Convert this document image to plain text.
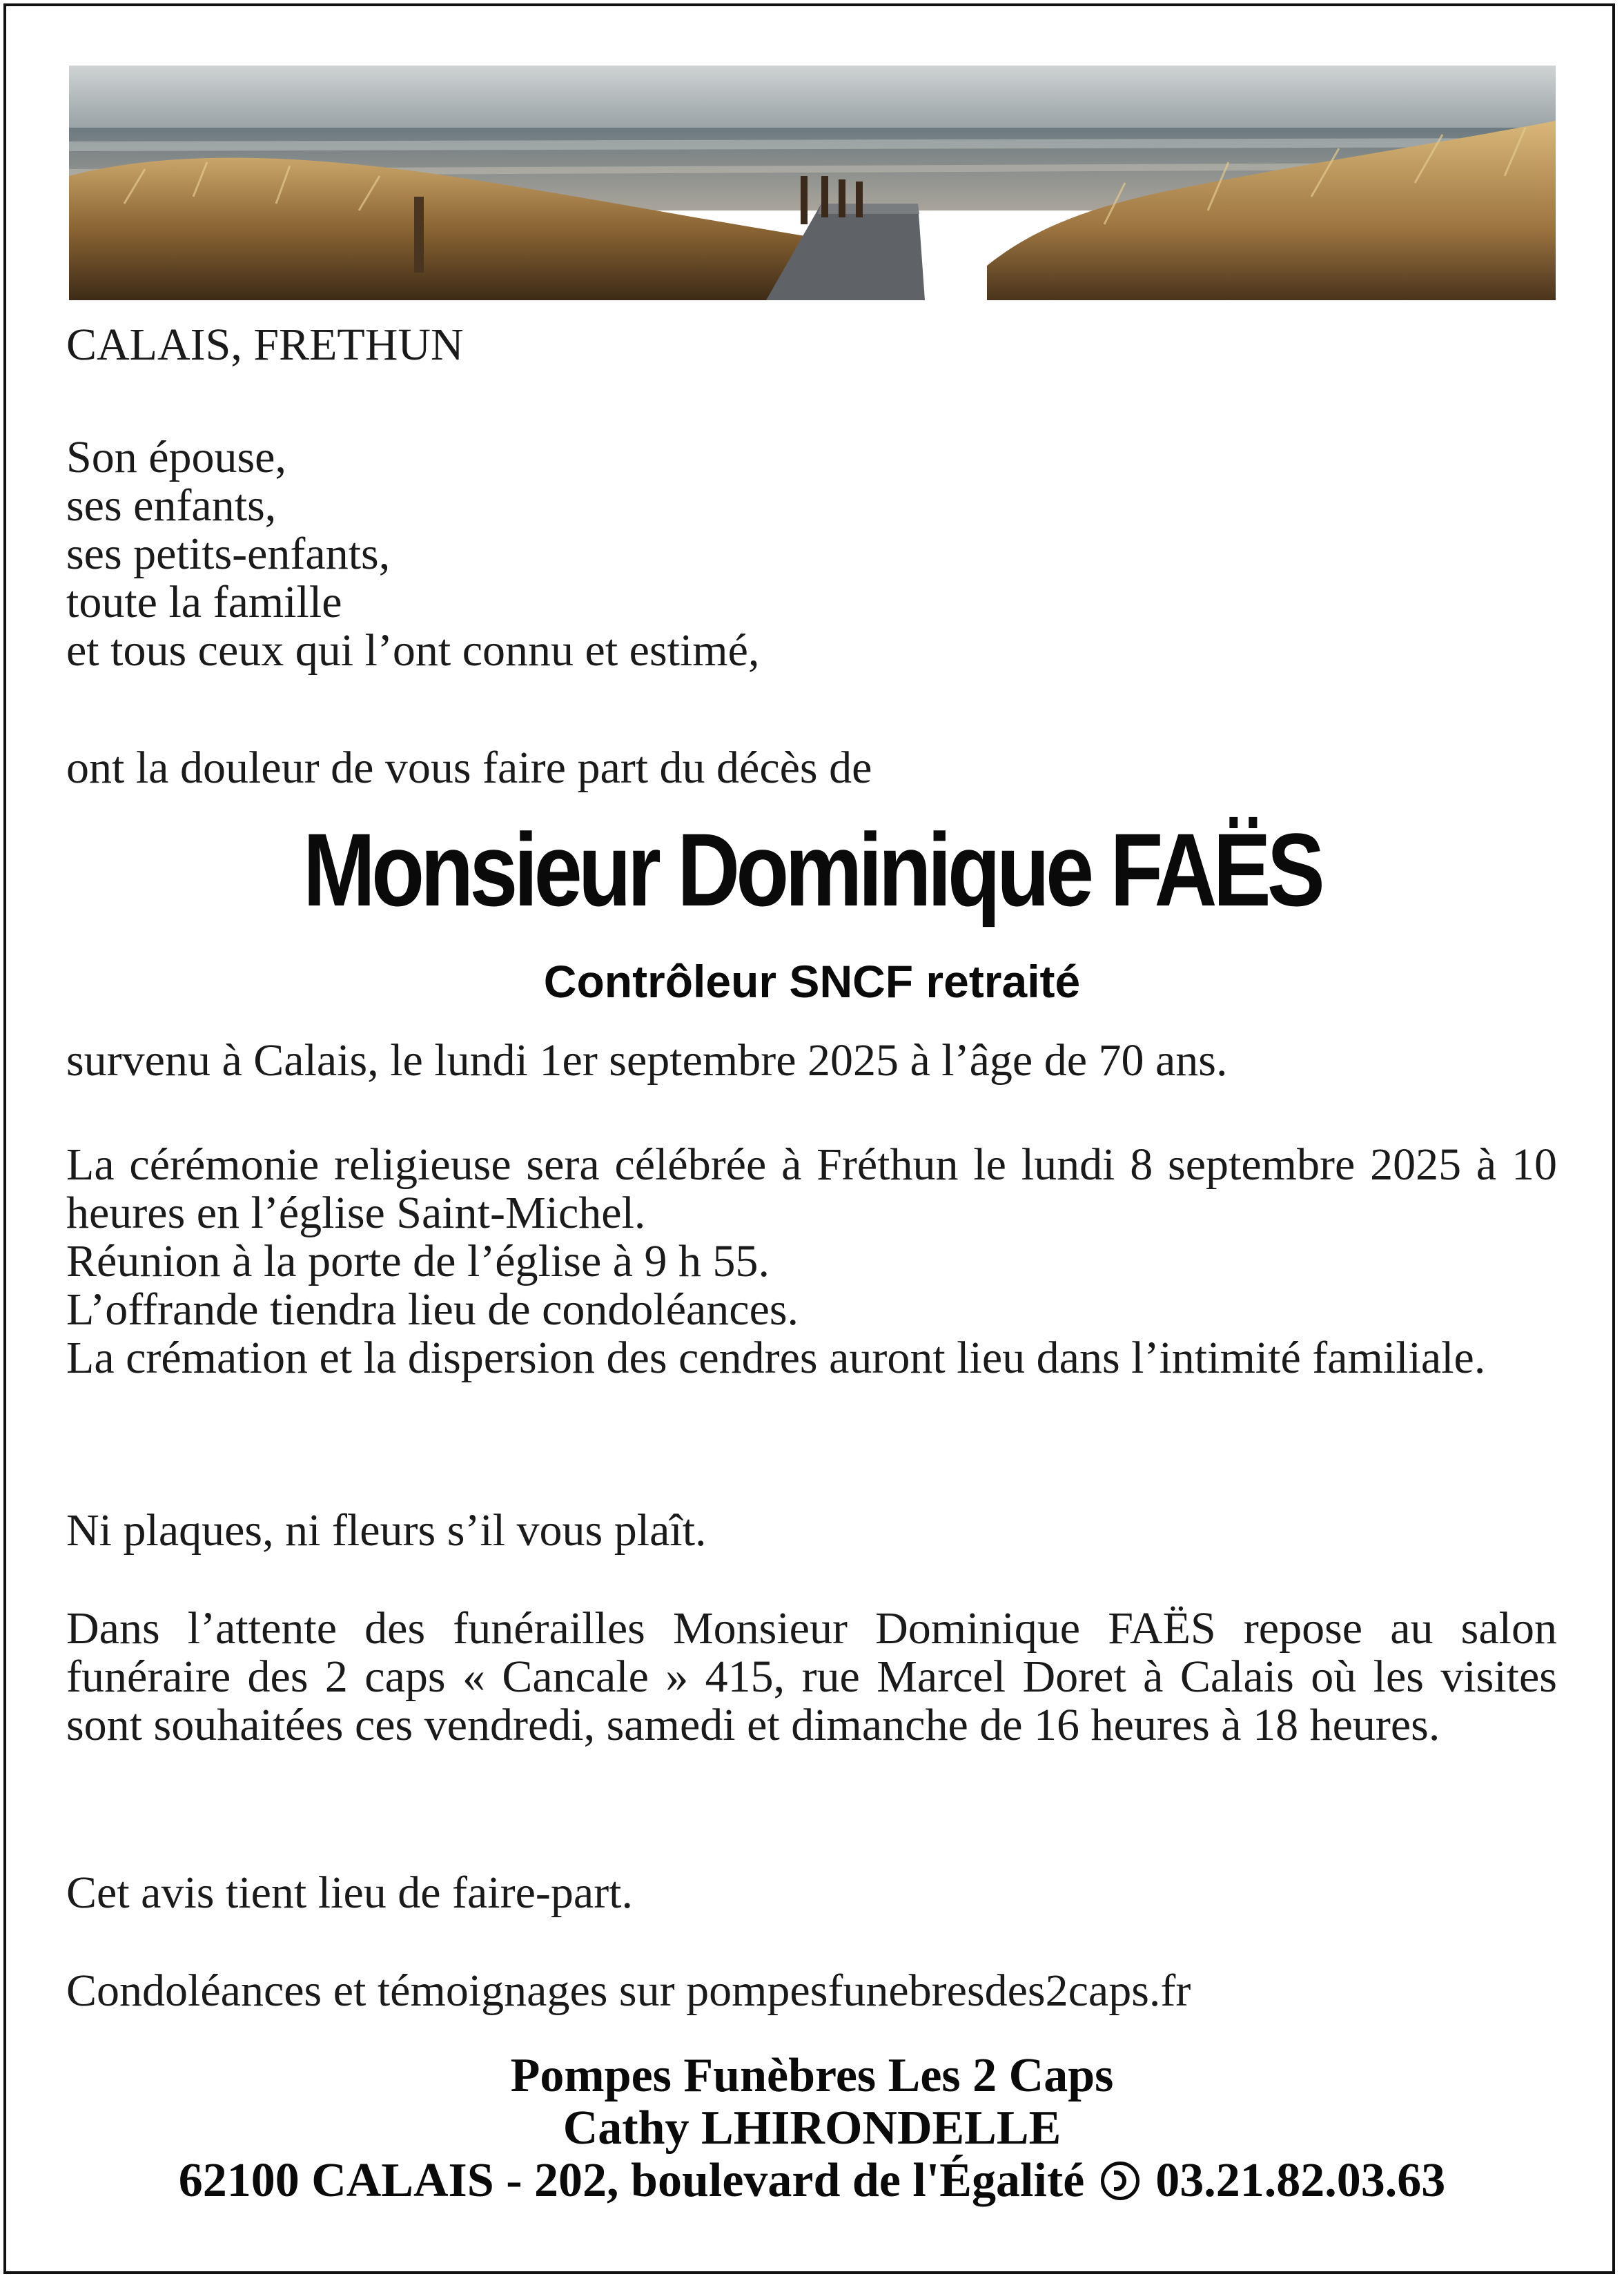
CALAIS, FRETHUN

Son épouse,
ses enfants,
ses petits-enfants,
toute la famille
et tous ceux qui l’ont connu et estimé,

ont la douleur de vous faire part du décès de

Monsieur Dominique FAËS
Contrôleur SNCF retraité

survenu à Calais, le lundi 1er septembre 2025 à l’âge de 70 ans.

La cérémonie religieuse sera célébrée à Fréthun le lundi 8 septembre 2025 à 10 heures en l’église Saint-Michel.
Réunion à la porte de l’église à 9 h 55.
L’offrande tiendra lieu de condoléances.
La crémation et la dispersion des cendres auront lieu dans l’intimité familiale.

Ni plaques, ni fleurs s’il vous plaît.

Dans l’attente des funérailles Monsieur Dominique FAËS repose au salon funéraire des 2 caps « Cancale » 415, rue Marcel Doret à Calais où les visites sont souhaitées ces vendredi, samedi et dimanche de 16 heures à 18 heures.

Cet avis tient lieu de faire-part.

Condoléances et témoignages sur pompesfunebresdes2caps.fr

Pompes Funèbres Les 2 Caps
Cathy LHIRONDELLE
62100 CALAIS - 202, boulevard de l'Égalité 03.21.82.03.63
